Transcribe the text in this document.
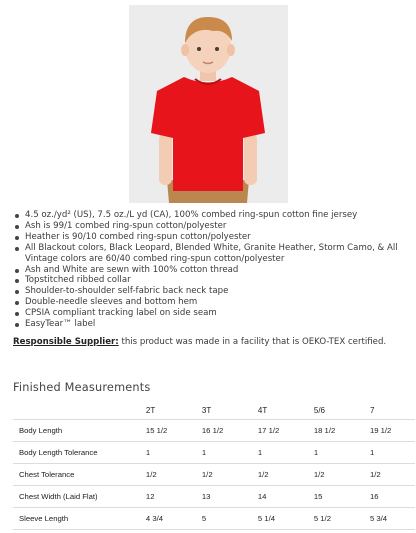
4.5 oz./yd² (US), 7.5 oz./L yd (CA), 100% combed ring-spun cotton fine jersey
Ash is 99/1 combed ring-spun cotton/polyester
Heather is 90/10 combed ring-spun cotton/polyester
All Blackout colors, Black Leopard, Blended White, Granite Heather, Storm Camo, & All Vintage colors are 60/40 combed ring-spun cotton/polyester
Ash and White are sewn with 100% cotton thread
Topstitched ribbed collar
Shoulder-to-shoulder self-fabric back neck tape
Double-needle sleeves and bottom hem
CPSIA compliant tracking label on side seam
EasyTear™ label
Responsible Supplier: this product was made in a facility that is OEKO-TEX certified.
Finished Measurements
	2T	3T	4T	5/6	7
Body Length	15 1/2	16 1/2	17 1/2	18 1/2	19 1/2
Body Length Tolerance	1	1	1	1	1
Chest Tolerance	1/2	1/2	1/2	1/2	1/2
Chest Width (Laid Flat)	12	13	14	15	16
Sleeve Length	4 3/4	5	5 1/4	5 1/2	5 3/4
